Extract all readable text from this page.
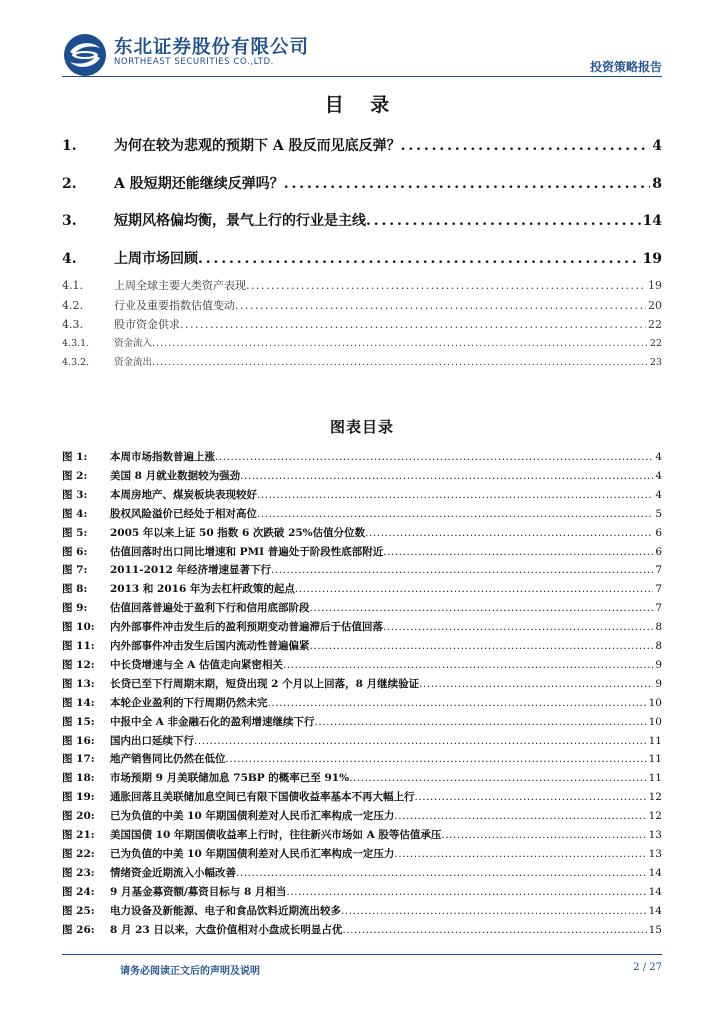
东北证券股份有限公司
NORTHEAST SECURITIES CO.,LTD.	投资策略报告
目 录
1.	为何在较为悲观的预期下 A 股反而见底反弹？ . . .	4
2.	A 股短期还能继续反弹吗？ . . .	8
3.	短期风格偏均衡，景气上行的行业是主线 . . .	14
4.	上周市场回顾 . . .	19
4.1.	上周全球主要大类资产表现 . . .	19
4.2.	行业及重要指数估值变动 . . .	20
4.3.	股市资金供求 . . .	22
4.3.1.	资金流入 . . .	22
4.3.2.	资金流出 . . .	23
图表目录
图 1:	本周市场指数普遍上涨 . . .	4
图 2:	美国 8 月就业数据较为强劲 . . .	4
图 3:	本周房地产、煤炭板块表现较好 . . .	4
图 4:	股权风险溢价已经处于相对高位 . . .	5
图 5:	2005 年以来上证 50 指数 6 次跌破 25%估值分位数 . . .	6
图 6:	估值回落时出口同比增速和 PMI 普遍处于阶段性底部附近 . . .	6
图 7:	2011-2012 年经济增速显著下行 . . .	7
图 8:	2013 和 2016 年为去杠杆政策的起点 . . .	7
图 9:	估值回落普遍处于盈利下行和信用底部阶段 . . .	7
图 10:	内外部事件冲击发生后的盈利预期变动普遍滞后于估值回落 . . .	8
图 11:	内外部事件冲击发生后国内流动性普遍偏紧 . . .	8
图 12:	中长贷增速与全 A 估值走向紧密相关 . . .	9
图 13:	长贷已至下行周期末期，短贷出现 2 个月以上回落，8 月继续验证 . . .	9
图 14:	本轮企业盈利的下行周期仍然未完 . . .	10
图 15:	中报中全 A 非金融石化的盈利增速继续下行 . . .	10
图 16:	国内出口延续下行 . . .	11
图 17:	地产销售同比仍然在低位 . . .	11
图 18:	市场预期 9 月美联储加息 75BP 的概率已至 91% . . .	11
图 19:	通胀回落且美联储加息空间已有限下国债收益率基本不再大幅上行 . . .	12
图 20:	已为负值的中美 10 年期国债利差对人民币汇率构成一定压力 . . .	12
图 21:	美国国债 10 年期国债收益率上行时，往往新兴市场如 A 股等估值承压 . . .	13
图 22:	已为负值的中美 10 年期国债利差对人民币汇率构成一定压力 . . .	13
图 23:	情绪资金近期流入小幅改善 . . .	14
图 24:	9 月基金募资额/募资目标与 8 月相当 . . .	14
图 25:	电力设备及新能源、电子和食品饮料近期流出较多 . . .	14
图 26:	8 月 23 日以来，大盘价值相对小盘成长明显占优 . . .	15
请务必阅读正文后的声明及说明	2 / 27
